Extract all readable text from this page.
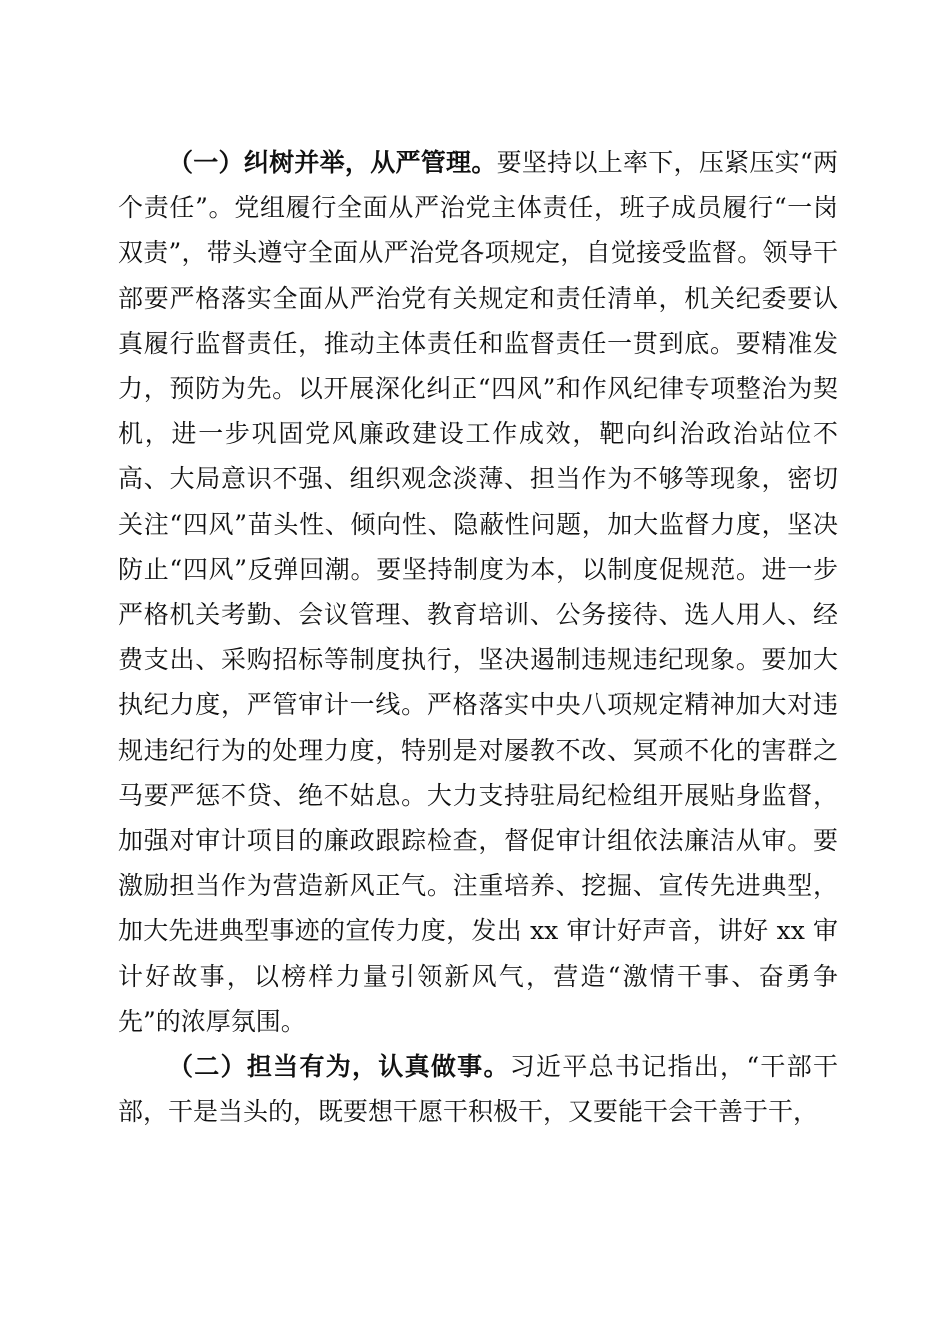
（一）纠树并举，从严管理。要坚持以上率下，压紧压实“两个责任”。党组履行全面从严治党主体责任，班子成员履行“一岗双责”，带头遵守全面从严治党各项规定，自觉接受监督。领导干部要严格落实全面从严治党有关规定和责任清单，机关纪委要认真履行监督责任，推动主体责任和监督责任一贯到底。要精准发力，预防为先。以开展深化纠正“四风”和作风纪律专项整治为契机，进一步巩固党风廉政建设工作成效，靶向纠治政治站位不高、大局意识不强、组织观念淡薄、担当作为不够等现象，密切关注“四风”苗头性、倾向性、隐蔽性问题，加大监督力度，坚决防止“四风”反弹回潮。要坚持制度为本，以制度促规范。进一步严格机关考勤、会议管理、教育培训、公务接待、选人用人、经费支出、采购招标等制度执行，坚决遏制违规违纪现象。要加大执纪力度，严管审计一线。严格落实中央八项规定精神加大对违规违纪行为的处理力度，特别是对屡教不改、冥顽不化的害群之马要严惩不贷、绝不姑息。大力支持驻局纪检组开展贴身监督，加强对审计项目的廉政跟踪检查，督促审计组依法廉洁从审。要激励担当作为营造新风正气。注重培养、挖掘、宣传先进典型，加大先进典型事迹的宣传力度，发出 xx 审计好声音，讲好 xx 审计好故事，以榜样力量引领新风气，营造“激情干事、奋勇争先”的浓厚氛围。

（二）担当有为，认真做事。习近平总书记指出，“干部干部，干是当头的，既要想干愿干积极干，又要能干会干善于干，
